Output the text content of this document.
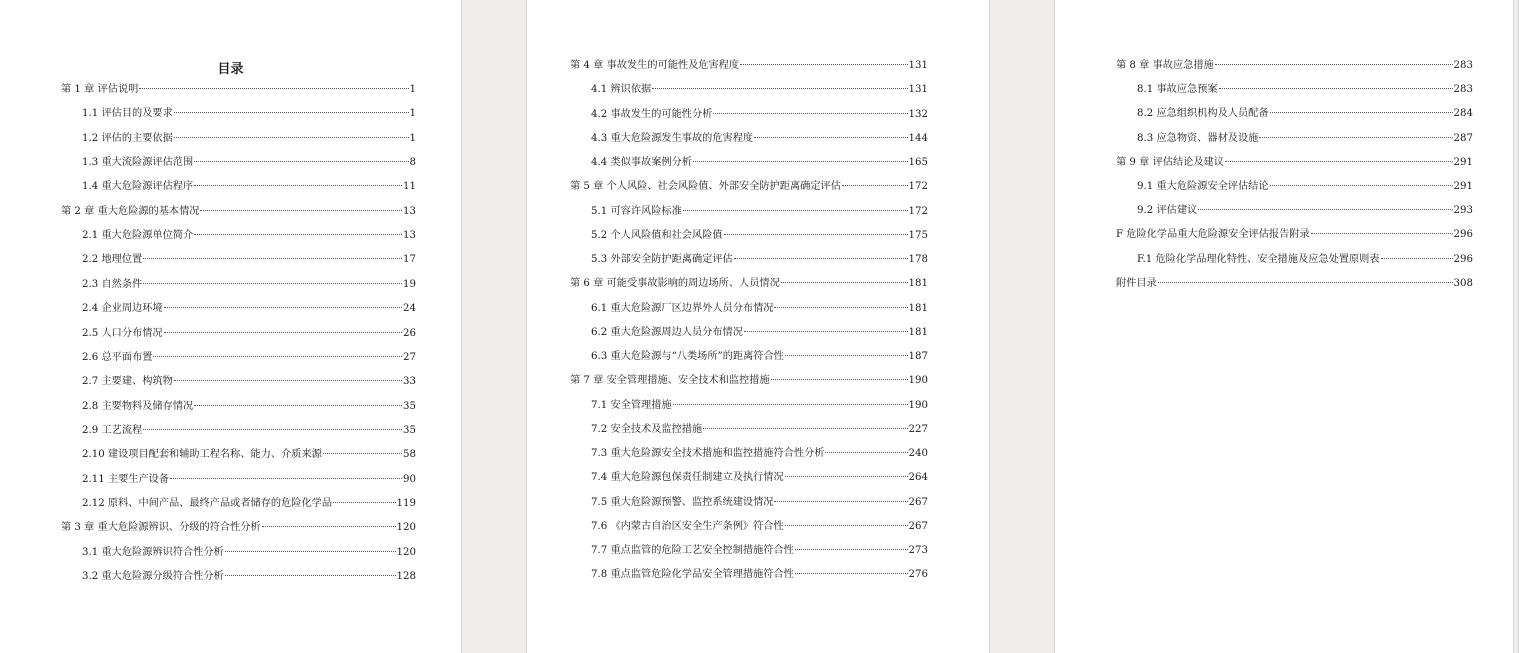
目录
第 1 章 评估说明	1
1.1 评估目的及要求	1
1.2 评估的主要依据	1
1.3 重大流险源评估范围	8
1.4 重大危险源评估程序	11
第 2 章 重大危险源的基本情况	13
2.1 重大危险源单位简介	13
2.2 地理位置	17
2.3 自然条件	19
2.4 企业周边环境	24
2.5 人口分布情况	26
2.6 总平面布置	27
2.7 主要建、构筑物	33
2.8 主要物料及储存情况	35
2.9 工艺流程	35
2.10 建设项目配套和辅助工程名称、能力、介质来源	58
2.11 主要生产设备	90
2.12 原料、中间产品、最终产品或者储存的危险化学品	119
第 3 章 重大危险源辨识、分级的符合性分析	120
3.1 重大危险源辨识符合性分析	120
3.2 重大危险源分级符合性分析	128
第 4 章 事故发生的可能性及危害程度	131
4.1 辨识依据	131
4.2 事故发生的可能性分析	132
4.3 重大危险源发生事故的危害程度	144
4.4 类似事故案例分析	165
第 5 章 个人风险、社会风险值、外部安全防护距离确定评估	172
5.1 可容许风险标准	172
5.2 个人风险值和社会风险值	175
5.3 外部安全防护距离确定评估	178
第 6 章 可能受事故影响的周边场所、人员情况	181
6.1 重大危险源厂区边界外人员分布情况	181
6.2 重大危险源周边人员分布情况	181
6.3 重大危险源与“八类场所”的距离符合性	187
第 7 章 安全管理措施、安全技术和监控措施	190
7.1 安全管理措施	190
7.2 安全技术及监控措施	227
7.3 重大危险源安全技术措施和监控措施符合性分析	240
7.4 重大危险源包保责任制建立及执行情况	264
7.5 重大危险源预警、监控系统建设情况	267
7.6 《内蒙古自治区安全生产条例》符合性	267
7.7 重点监管的危险工艺安全控制措施符合性	273
7.8 重点监管危险化学品安全管理措施符合性	276
第 8 章 事故应急措施	283
8.1 事故应急预案	283
8.2 应急组织机构及人员配备	284
8.3 应急物资、器材及设施	287
第 9 章 评估结论及建议	291
9.1 重大危险源安全评估结论	291
9.2 评估建议	293
F 危险化学品重大危险源安全评估报告附录	296
F.1 危险化学品理化特性、安全措施及应急处置原则表	296
附件目录	308
